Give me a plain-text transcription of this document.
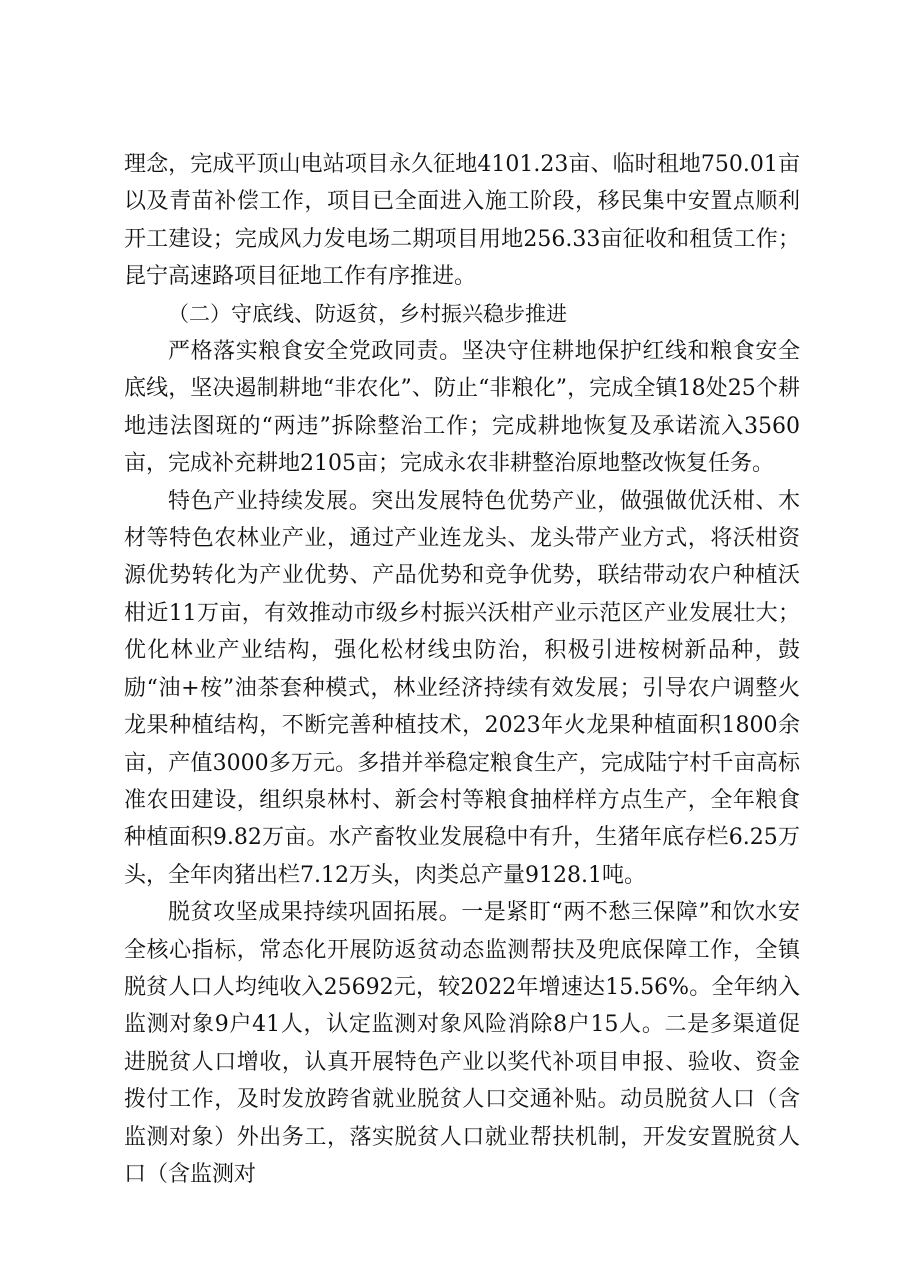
理念，完成平顶山电站项目永久征地4101.23亩、临时租地750.01亩以及青苗补偿工作，项目已全面进入施工阶段，移民集中安置点顺利开工建设；完成风力发电场二期项目用地256.33亩征收和租赁工作；昆宁高速路项目征地工作有序推进。

（二）守底线、防返贫，乡村振兴稳步推进

严格落实粮食安全党政同责。坚决守住耕地保护红线和粮食安全底线，坚决遏制耕地“非农化”、防止“非粮化”，完成全镇18处25个耕地违法图斑的“两违”拆除整治工作；完成耕地恢复及承诺流入3560亩，完成补充耕地2105亩；完成永农非耕整治原地整改恢复任务。

特色产业持续发展。突出发展特色优势产业，做强做优沃柑、木材等特色农林业产业，通过产业连龙头、龙头带产业方式，将沃柑资源优势转化为产业优势、产品优势和竞争优势，联结带动农户种植沃柑近11万亩，有效推动市级乡村振兴沃柑产业示范区产业发展壮大；优化林业产业结构，强化松材线虫防治，积极引进桉树新品种，鼓励“油+桉”油茶套种模式，林业经济持续有效发展；引导农户调整火龙果种植结构，不断完善种植技术，2023年火龙果种植面积1800余亩，产值3000多万元。多措并举稳定粮食生产，完成陆宁村千亩高标准农田建设，组织泉林村、新会村等粮食抽样样方点生产，全年粮食种植面积9.82万亩。水产畜牧业发展稳中有升，生猪年底存栏6.25万头，全年肉猪出栏7.12万头，肉类总产量9128.1吨。

脱贫攻坚成果持续巩固拓展。一是紧盯“两不愁三保障”和饮水安全核心指标，常态化开展防返贫动态监测帮扶及兜底保障工作，全镇脱贫人口人均纯收入25692元，较2022年增速达15.56%。全年纳入监测对象9户41人，认定监测对象风险消除8户15人。二是多渠道促进脱贫人口增收，认真开展特色产业以奖代补项目申报、验收、资金拨付工作，及时发放跨省就业脱贫人口交通补贴。动员脱贫人口（含监测对象）外出务工，落实脱贫人口就业帮扶机制，开发安置脱贫人口（含监测对
